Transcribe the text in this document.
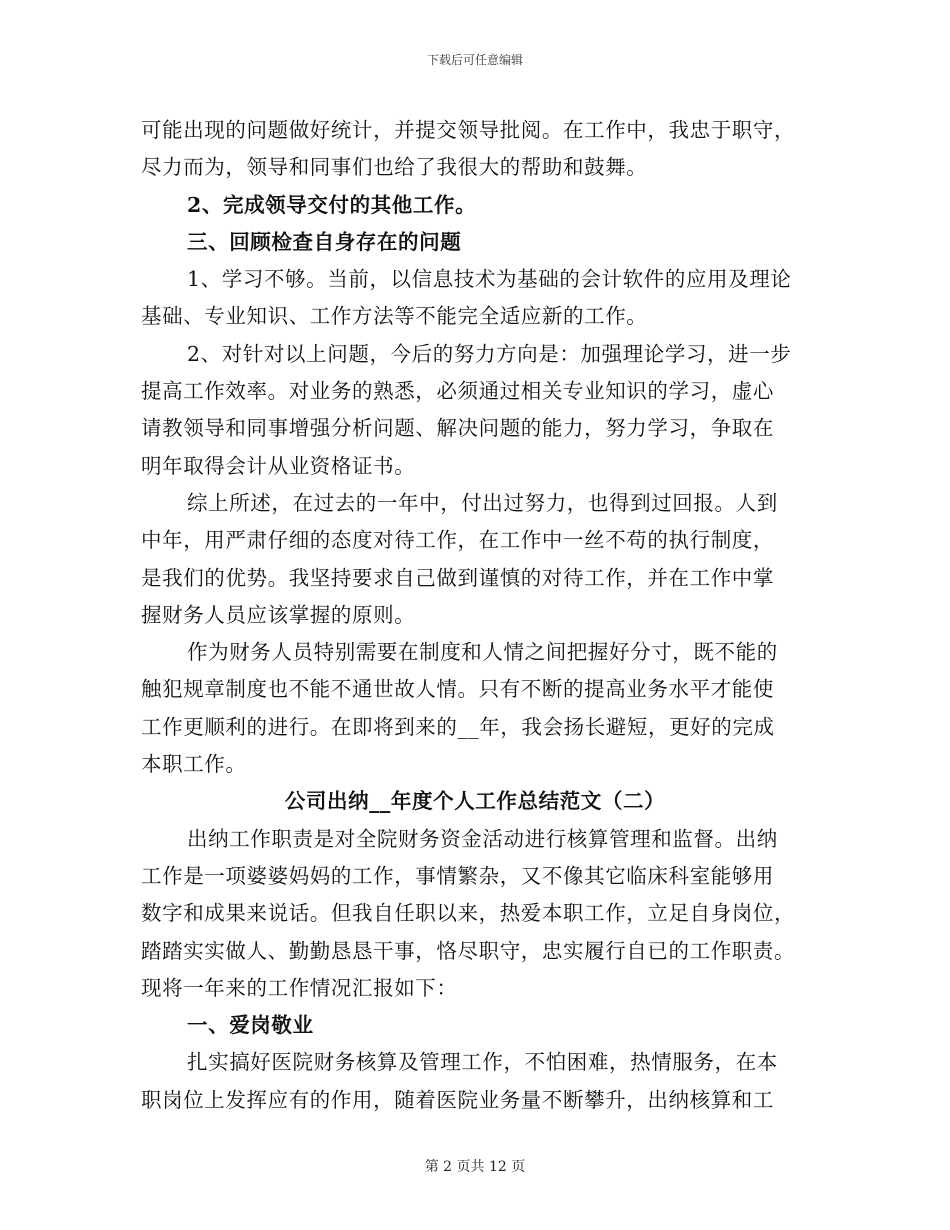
下载后可任意编辑
可能出现的问题做好统计，并提交领导批阅。在工作中，我忠于职守，
尽力而为，领导和同事们也给了我很大的帮助和鼓舞。
2、完成领导交付的其他工作。
三、回顾检查自身存在的问题
1、学习不够。当前，以信息技术为基础的会计软件的应用及理论
基础、专业知识、工作方法等不能完全适应新的工作。
2、对针对以上问题，今后的努力方向是：加强理论学习，进一步
提高工作效率。对业务的熟悉，必须通过相关专业知识的学习，虚心
请教领导和同事增强分析问题、解决问题的能力，努力学习，争取在
明年取得会计从业资格证书。
综上所述，在过去的一年中，付出过努力，也得到过回报。人到
中年，用严肃仔细的态度对待工作，在工作中一丝不苟的执行制度，
是我们的优势。我坚持要求自己做到谨慎的对待工作，并在工作中掌
握财务人员应该掌握的原则。
作为财务人员特别需要在制度和人情之间把握好分寸，既不能的
触犯规章制度也不能不通世故人情。只有不断的提高业务水平才能使
工作更顺利的进行。在即将到来的__年，我会扬长避短，更好的完成
本职工作。
公司出纳__年度个人工作总结范文（二）
出纳工作职责是对全院财务资金活动进行核算管理和监督。出纳
工作是一项婆婆妈妈的工作，事情繁杂，又不像其它临床科室能够用
数字和成果来说话。但我自任职以来，热爱本职工作，立足自身岗位，
踏踏实实做人、勤勤恳恳干事，恪尽职守，忠实履行自已的工作职责。
现将一年来的工作情况汇报如下：
一、爱岗敬业
扎实搞好医院财务核算及管理工作，不怕困难，热情服务，在本
职岗位上发挥应有的作用，随着医院业务量不断攀升，出纳核算和工
第 2 页共 12 页
